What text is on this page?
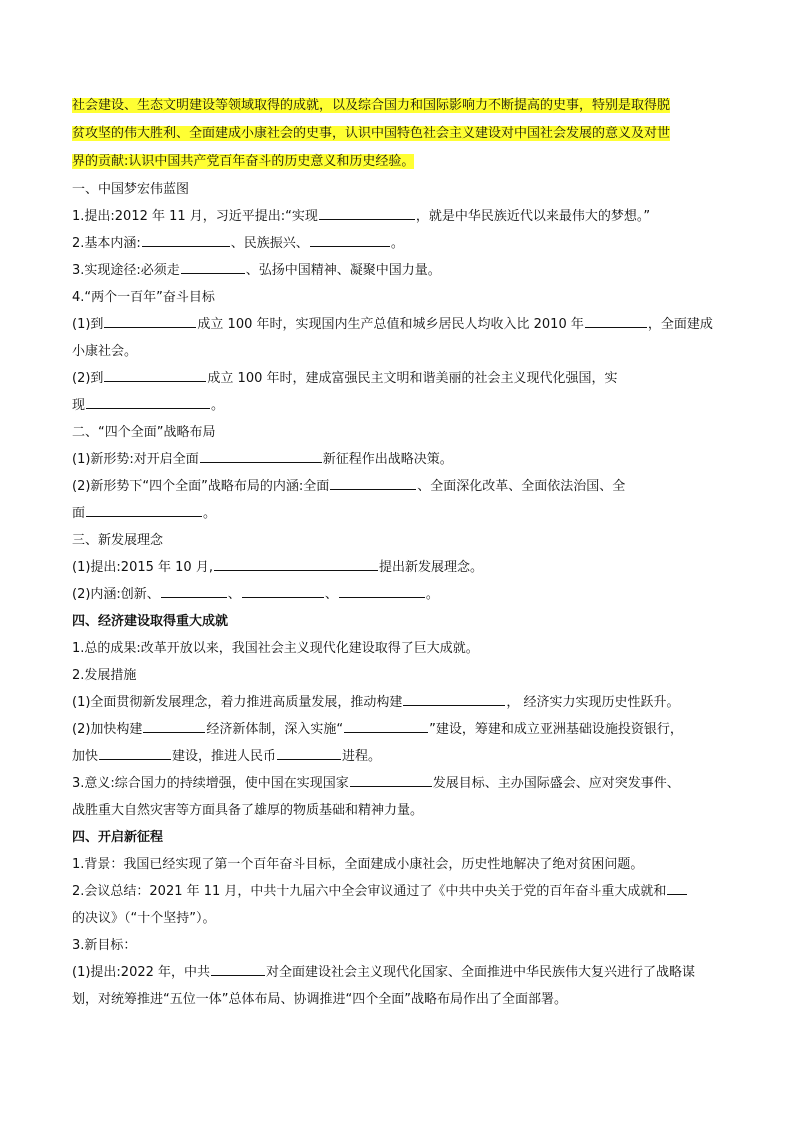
社会建设、生态文明建设等领域取得的成就，以及综合国力和国际影响力不断提高的史事，特别是取得脱
贫攻坚的伟大胜利、全面建成小康社会的史事，认识中国特色社会主义建设对中国社会发展的意义及对世
界的贡献:认识中国共产党百年奋斗的历史意义和历史经验。
一、中国梦宏伟蓝图
1.提出:2012 年 11 月，习近平提出:“实现	，就是中华民族近代以来最伟大的梦想。”
2.基本内涵:	、民族振兴、	。
3.实现途径:必须走	、弘扬中国精神、凝聚中国力量。
4.“两个一百年”奋斗目标
(1)到	成立 100 年时，实现国内生产总值和城乡居民人均收入比 2010 年	，全面建成
小康社会。
(2)到	成立 100 年时，建成富强民主文明和谐美丽的社会主义现代化强国，实
现	。
二、“四个全面”战略布局
(1)新形势:对开启全面	新征程作出战略决策。
(2)新形势下“四个全面”战略布局的内涵:全面	、全面深化改革、全面依法治国、全
面	。
三、新发展理念
(1)提出:2015 年 10 月,	提出新发展理念。
(2)内涵:创新、	、	、	。
四、经济建设取得重大成就
1.总的成果:改革开放以来，我国社会主义现代化建设取得了巨大成就。
2.发展措施
(1)全面贯彻新发展理念，着力推进高质量发展，推动构建	， 经济实力实现历史性跃升。
(2)加快构建	经济新体制，深入实施“	”建设，筹建和成立亚洲基础设施投资银行，
加快	建设，推进人民币	进程。
3.意义:综合国力的持续增强，使中国在实现国家	发展目标、主办国际盛会、应对突发事件、
战胜重大自然灾害等方面具备了雄厚的物质基础和精神力量。
四、开启新征程
1.背景：我国已经实现了第一个百年奋斗目标，全面建成小康社会，历史性地解决了绝对贫困问题。
2.会议总结：2021 年 11 月，中共十九届六中全会审议通过了《中共中央关于党的百年奋斗重大成就和
的决议》（“十个坚持”）。
3.新目标：
(1)提出:2022 年，中共	对全面建设社会主义现代化国家、全面推进中华民族伟大复兴进行了战略谋
划，对统筹推进“五位一体”总体布局、协调推进“四个全面”战略布局作出了全面部署。
